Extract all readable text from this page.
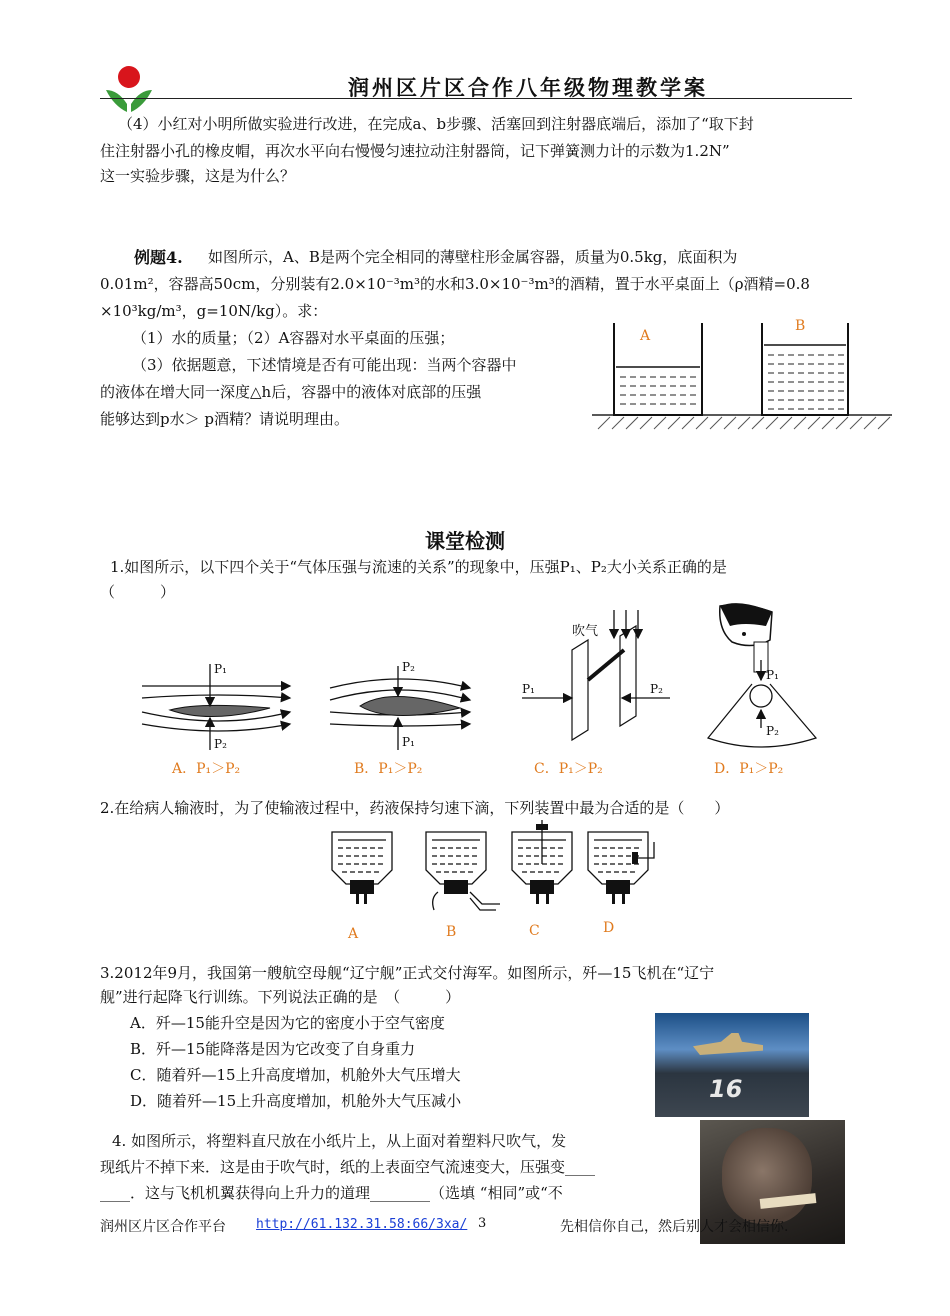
润州区片区合作八年级物理教学案
（4）小红对小明所做实验进行改进，在完成a、b步骤、活塞回到注射器底端后，添加了“取下封
住注射器小孔的橡皮帽，再次水平向右慢慢匀速拉动注射器筒，记下弹簧测力计的示数为1.2N”
这一实验步骤，这是为什么？
例题4. 如图所示，A、B是两个完全相同的薄壁柱形金属容器，质量为0.5kg，底面积为
0.01m²，容器高50cm，分别装有2.0×10⁻³m³的水和3.0×10⁻³m³的酒精，置于水平桌面上（ρ酒精=0.8
×10³kg/m³，g=10N/kg）。求：
（1）水的质量；（2）A容器对水平桌面的压强；
（3）依据题意，下述情境是否有可能出现：当两个容器中
的液体在增大同一深度△h后，容器中的液体对底部的压强
能够达到p水＞ p酒精？请说明理由。
A
B
课堂检测
1.如图所示，以下四个关于“气体压强与流速的关系”的现象中，压强P₁、P₂大小关系正确的是
（　　　）
P₁
P₂
P₂
P₁
P₁	P₂
吹气
P₁
P₂
A．P₁＞P₂	B．P₁＞P₂	C．P₁＞P₂	D．P₁＞P₂
2.在给病人输液时，为了使输液过程中，药液保持匀速下滴，下列装置中最为合适的是（　　）
A	B	C	D
3.2012年9月，我国第一艘航空母舰“辽宁舰”正式交付海军。如图所示，歼—15飞机在“辽宁
舰”进行起降飞行训练。下列说法正确的是　（　　　）
A．歼—15能升空是因为它的密度小于空气密度
B．歼—15能降落是因为它改变了自身重力
C．随着歼—15上升高度增加，机舱外大气压增大
D．随着歼—15上升高度增加，机舱外大气压减小	16
4. 如图所示，将塑料直尺放在小纸片上，从上面对着塑料尺吹气，发
现纸片不掉下来．这是由于吹气时，纸的上表面空气流速变大，压强变____
____．这与飞机机翼获得向上升力的道理________（选填 “相同”或“不
润州区片区合作平台 http://61.132.31.58:66/3xa/ 3	先相信你自己，然后别人才会相信你.
